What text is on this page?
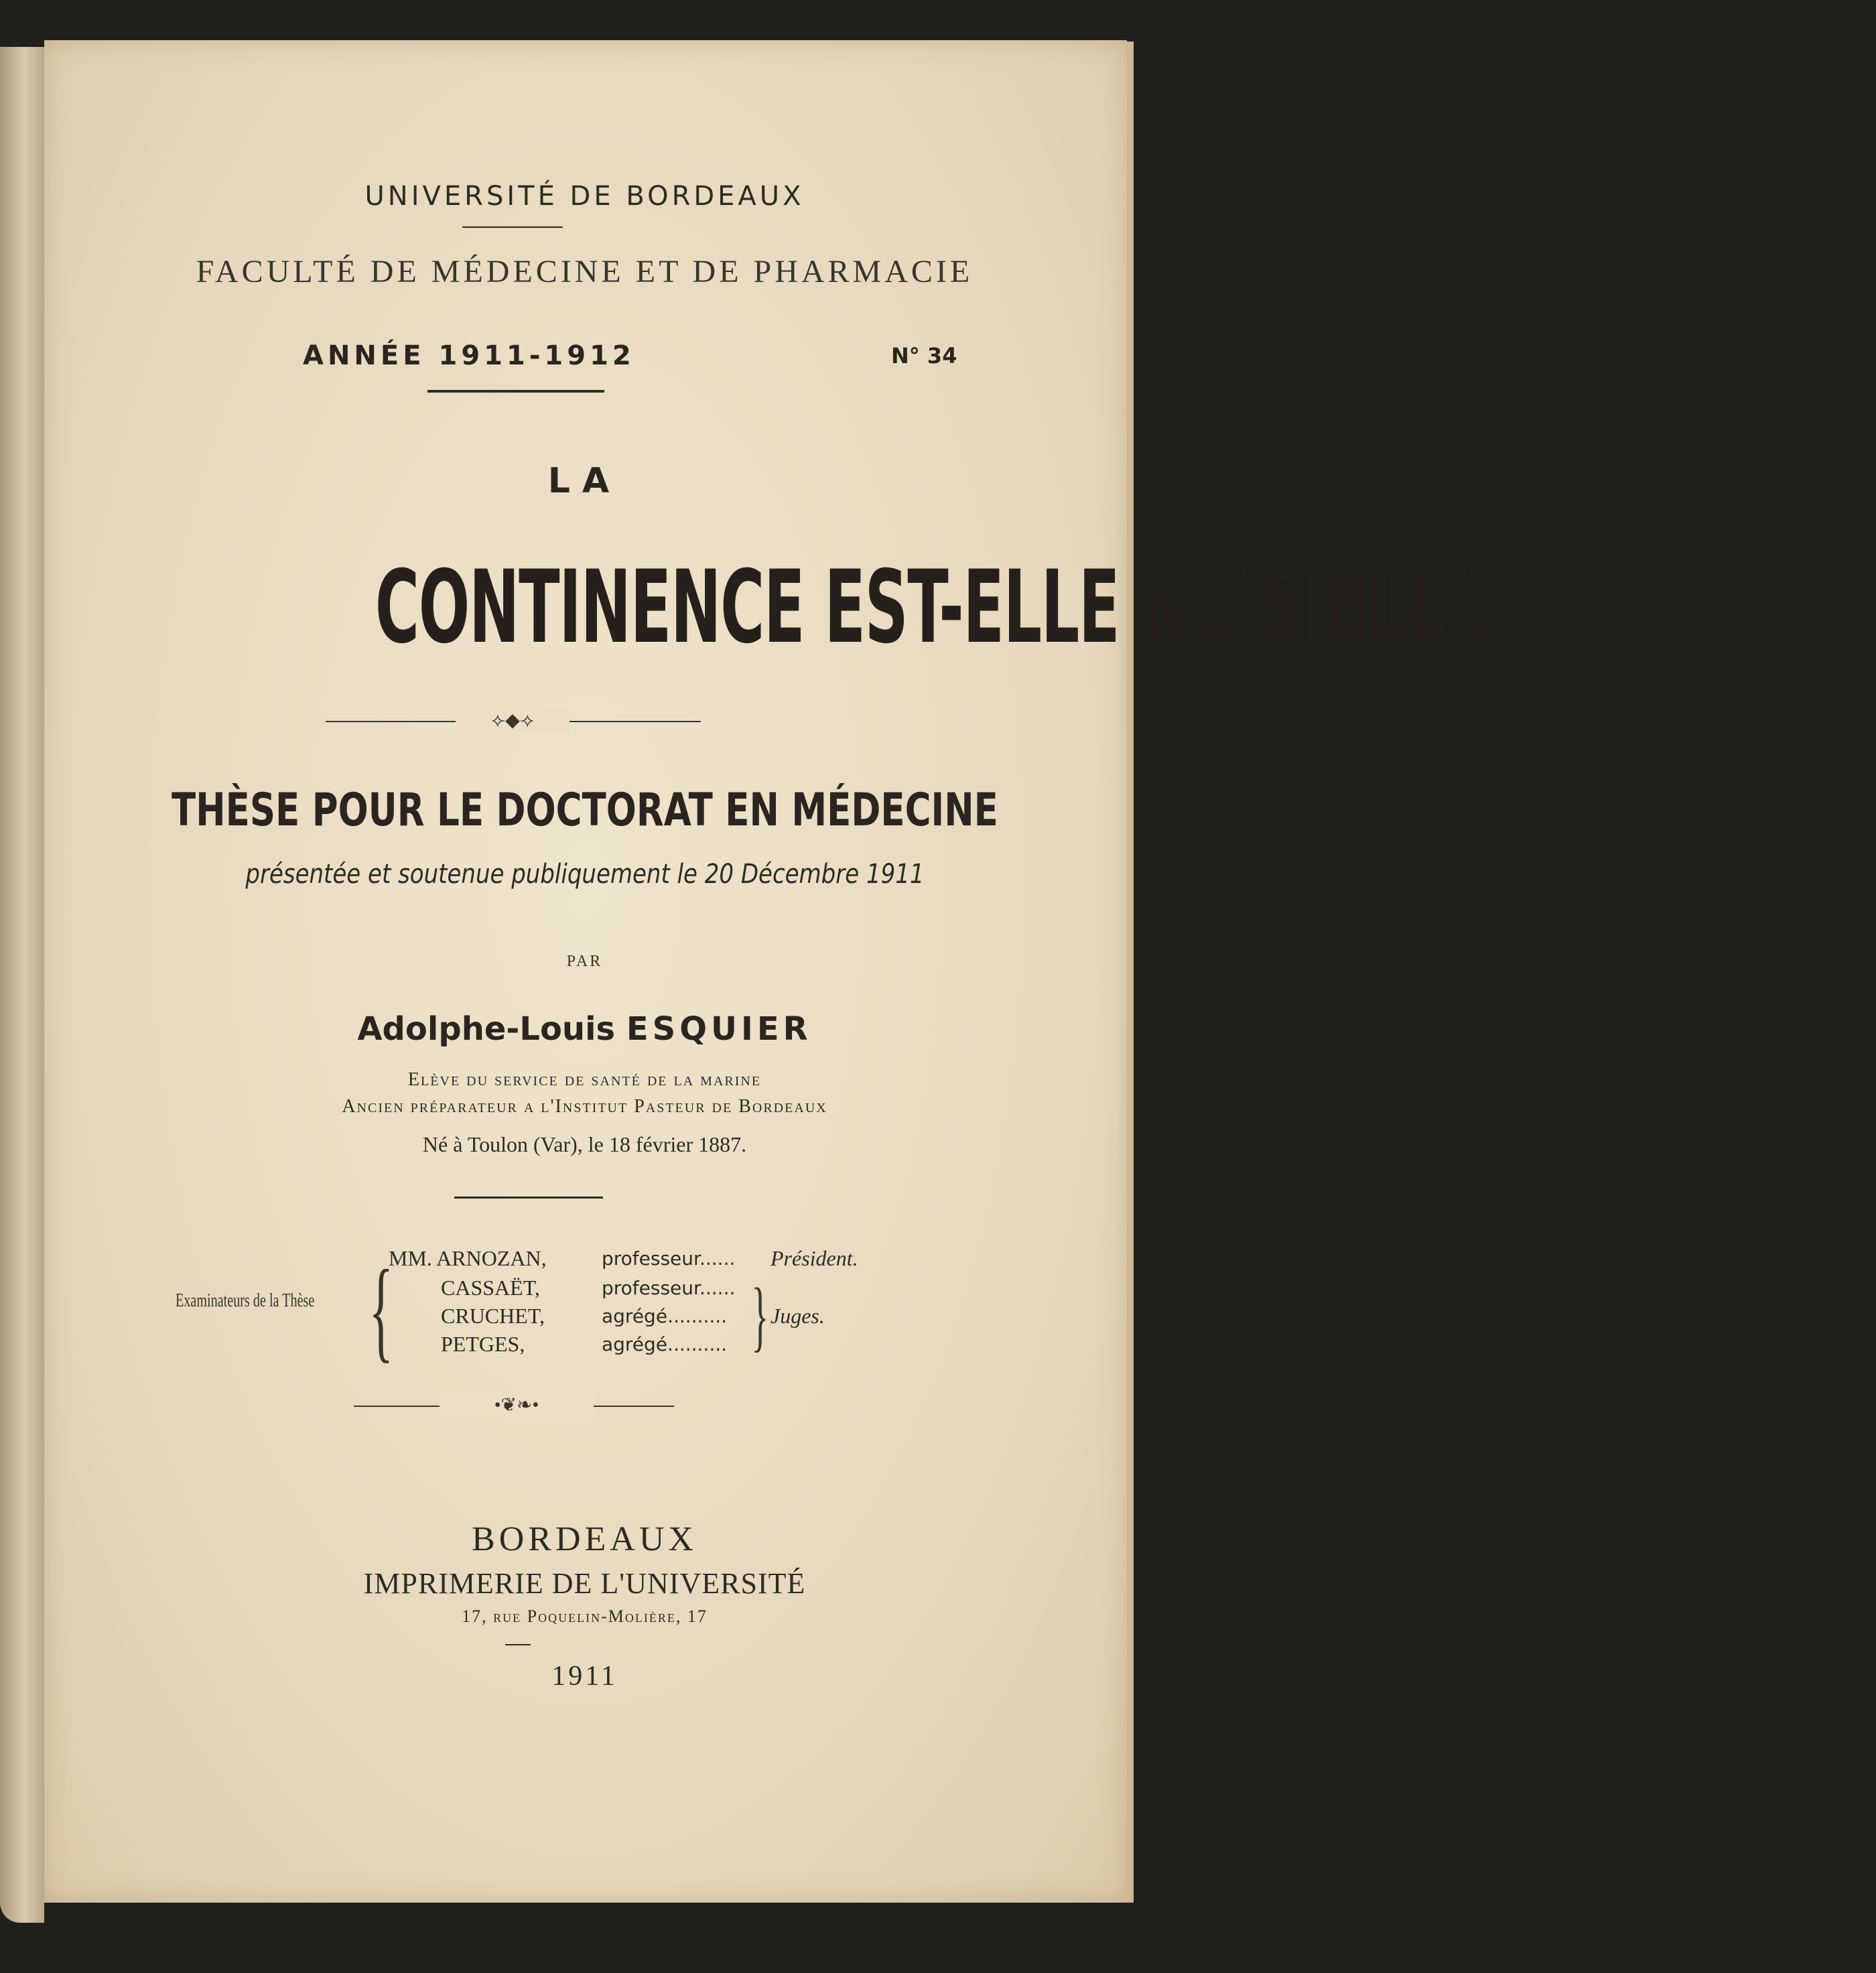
UNIVERSITÉ DE BORDEAUX
FACULTÉ DE MÉDECINE ET DE PHARMACIE
ANNÉE 1911-1912	N° 34
LA
CONTINENCE EST-ELLE NUISIBLE ?
⟣◆⟢
THÈSE POUR LE DOCTORAT EN MÉDECINE
présentée et soutenue publiquement le 20 Décembre 1911
PAR
Adolphe-Louis ESQUIER
Elève du service de santé de la marine
Ancien préparateur a l'Institut Pasteur de Bordeaux
Né à Toulon (Var), le 18 février 1887.
Examinateurs de la Thèse {
MM. ARNOZAN,
CASSAËT,
CRUCHET,
PETGES,
professeur......
professeur......
agrégé..........
agrégé..........
Président.
} Juges.
•❦❧•
BORDEAUX
IMPRIMERIE DE L'UNIVERSITÉ
17, rue Poquelin-Molière, 17
1911
